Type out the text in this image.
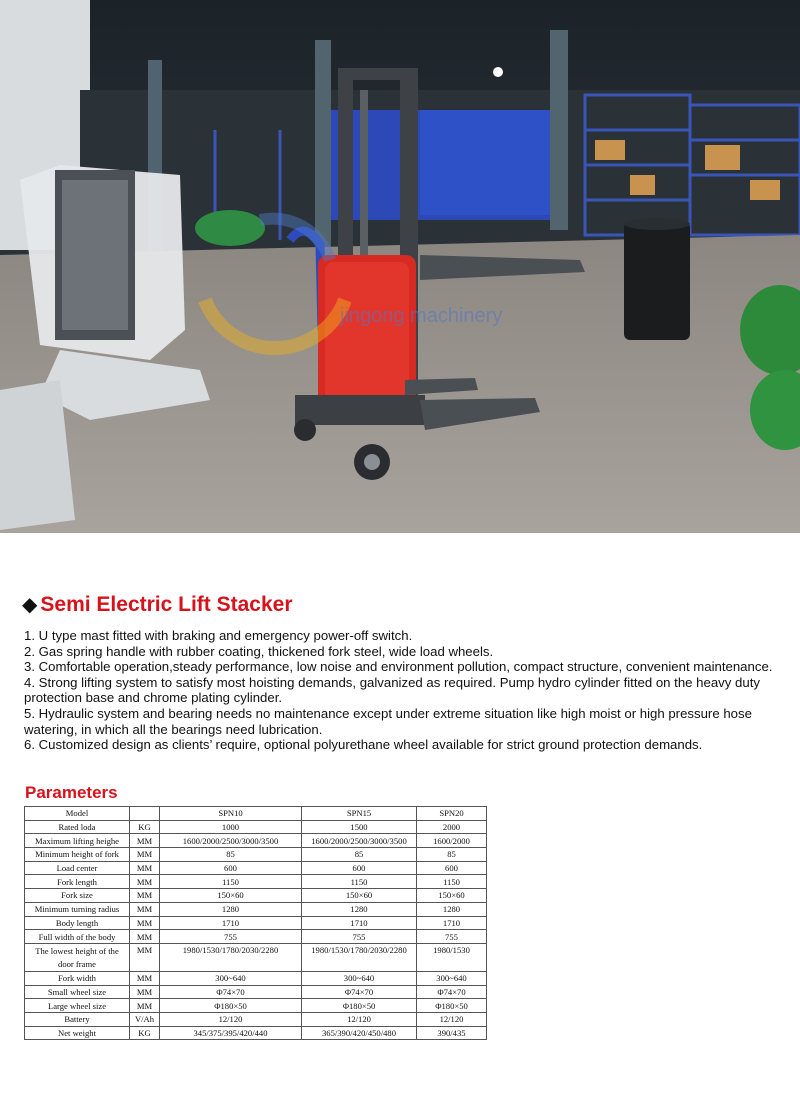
jingong machinery
◆ Semi Electric Lift Stacker
1. U type mast fitted with braking and emergency power-off switch.
2. Gas spring handle with rubber coating, thickened fork steel, wide load wheels.
3. Comfortable operation,steady performance, low noise and environment pollution, compact structure, convenient maintenance.
4. Strong lifting system to satisfy most hoisting demands, galvanized as required. Pump hydro cylinder fitted on the heavy duty protection base and chrome plating cylinder.
5. Hydraulic system and bearing needs no maintenance except under extreme situation like high moist or high pressure hose watering, in which all the bearings need lubrication.
6. Customized design as clients’ require, optional polyurethane wheel available for strict ground protection demands.
Parameters
Model		SPN10	SPN15	SPN20
Rated loda	KG	1000	1500	2000
Maximum lifting heighe	MM	1600/2000/2500/3000/3500	1600/2000/2500/3000/3500	1600/2000
Minimum height of fork	MM	85	85	85
Load center	MM	600	600	600
Fork length	MM	1150	1150	1150
Fork size	MM	150×60	150×60	150×60
Minimum turning radius	MM	1280	1280	1280
Body length	MM	1710	1710	1710
Full width of the body	MM	755	755	755
The lowest height of the door frame	MM	1980/1530/1780/2030/2280	1980/1530/1780/2030/2280	1980/1530
Fork width	MM	300~640	300~640	300~640
Small wheel size	MM	Φ74×70	Φ74×70	Φ74×70
Large wheel size	MM	Φ180×50	Φ180×50	Φ180×50
Battery	V/Ah	12/120	12/120	12/120
Net weight	KG	345/375/395/420/440	365/390/420/450/480	390/435
